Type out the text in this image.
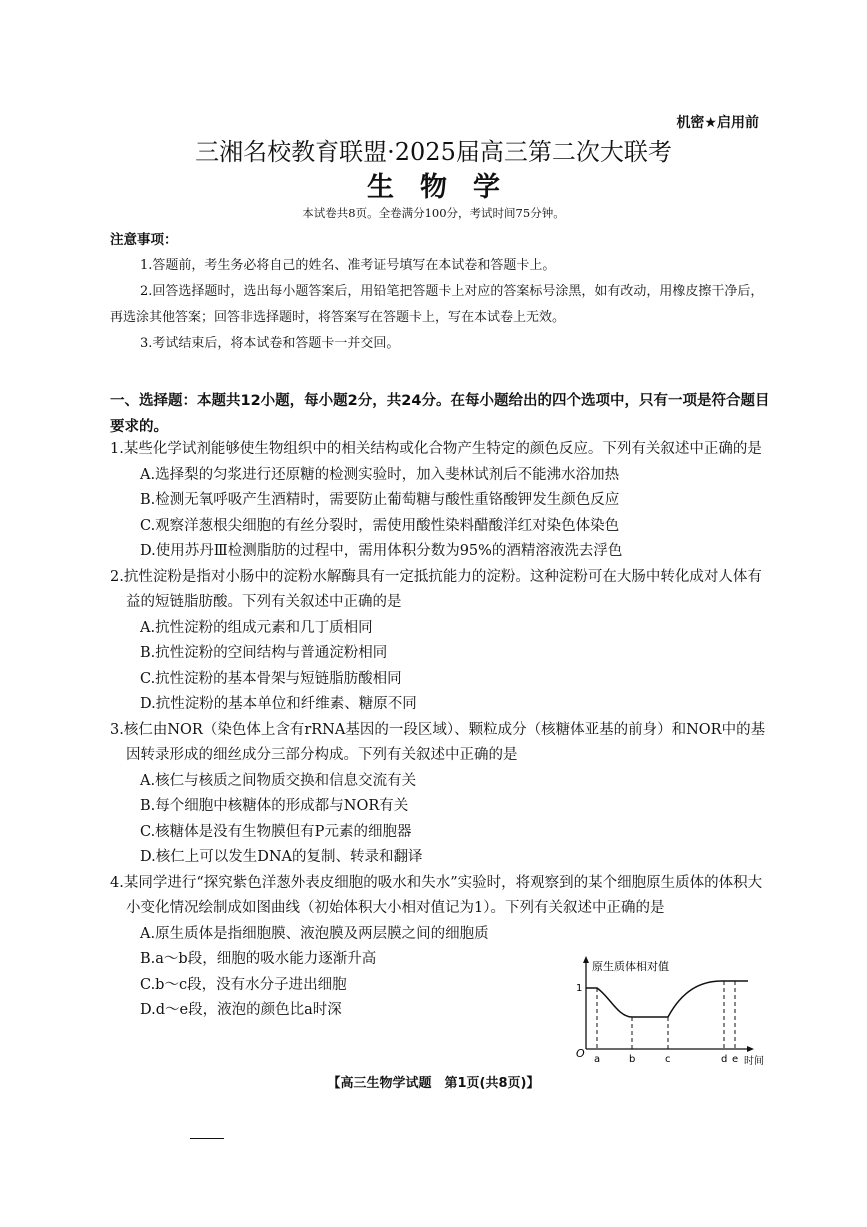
机密★启用前
三湘名校教育联盟·2025届高三第二次大联考
生物学
本试卷共8页。全卷满分100分，考试时间75分钟。
注意事项：

1.答题前，考生务必将自己的姓名、准考证号填写在本试卷和答题卡上。

2.回答选择题时，选出每小题答案后，用铅笔把答题卡上对应的答案标号涂黑，如有改动，用橡皮擦干净后，再选涂其他答案；回答非选择题时，将答案写在答题卡上，写在本试卷上无效。

3.考试结束后，将本试卷和答题卡一并交回。

一、选择题：本题共12小题，每小题2分，共24分。在每小题给出的四个选项中，只有一项是符合题目要求的。

1.某些化学试剂能够使生物组织中的相关结构或化合物产生特定的颜色反应。下列有关叙述中正确的是

A.选择梨的匀浆进行还原糖的检测实验时，加入斐林试剂后不能沸水浴加热

B.检测无氧呼吸产生酒精时，需要防止葡萄糖与酸性重铬酸钾发生颜色反应

C.观察洋葱根尖细胞的有丝分裂时，需使用酸性染料醋酸洋红对染色体染色

D.使用苏丹Ⅲ检测脂肪的过程中，需用体积分数为95%的酒精溶液洗去浮色

2.抗性淀粉是指对小肠中的淀粉水解酶具有一定抵抗能力的淀粉。这种淀粉可在大肠中转化成对人体有益的短链脂肪酸。下列有关叙述中正确的是

A.抗性淀粉的组成元素和几丁质相同

B.抗性淀粉的空间结构与普通淀粉相同

C.抗性淀粉的基本骨架与短链脂肪酸相同

D.抗性淀粉的基本单位和纤维素、糖原不同

3.核仁由NOR（染色体上含有rRNA基因的一段区域）、颗粒成分（核糖体亚基的前身）和NOR中的基因转录形成的细丝成分三部分构成。下列有关叙述中正确的是

A.核仁与核质之间物质交换和信息交流有关

B.每个细胞中核糖体的形成都与NOR有关

C.核糖体是没有生物膜但有P元素的细胞器

D.核仁上可以发生DNA的复制、转录和翻译

4.某同学进行“探究紫色洋葱外表皮细胞的吸水和失水”实验时，将观察到的某个细胞原生质体的体积大小变化情况绘制成如图曲线（初始体积大小相对值记为1）。下列有关叙述中正确的是

A.原生质体是指细胞膜、液泡膜及两层膜之间的细胞质

B.a～b段，细胞的吸水能力逐渐升高

C.b～c段，没有水分子进出细胞

D.d～e段，液泡的颜色比a时深

原生质体相对值
1
O
时间
a	b	c	d e
【高三生物学试题　第1页(共8页)】
